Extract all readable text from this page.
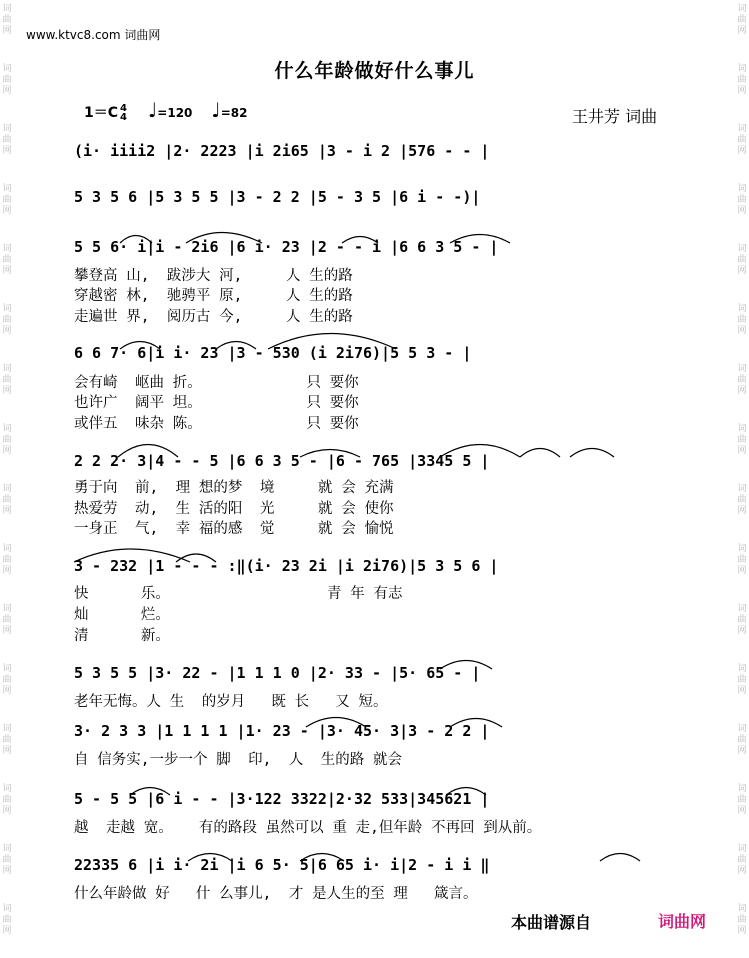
词
曲
网
词
曲
网
词
曲
网
词
曲
网
词
曲
网
词
曲
网
词
曲
网
词
曲
网
词
曲
网
词
曲
网
词
曲
网
词
曲
网
词
曲
网
词
曲
网
词
曲
网
词
曲
网
词
曲
网
词
曲
网
词
曲
网
词
曲
网
词
曲
网
词
曲
网
词
曲
网
词
曲
网
词
曲
网
词
曲
网
词
曲
网
词
曲
网
词
曲
网
词
曲
网
词
曲
网
词
曲
网
www.ktvc8.com 词曲网
什么年龄做好什么事儿
1＝C 4
4 ♩=120 ♩=82	王井芳 词曲
(i· iiii2 |2· 2223 |i 2i65 |3 - i 2 |576 - - |
5 3 5 6 |5 3 5 5 |3 - 2 2 |5 - 3 5 |6 i - -)|
5 5 6· i|i - 2i6 |6 i· 23 |2 - - i |6 6 3 5 - |
攀登高 山,  跋涉大 河,     人 生的路
穿越密 林,  驰骋平 原,     人 生的路
走遍世 界,  阅历古 今,     人 生的路
6 6 7· 6|i i· 23 |3 - 530 (i 2i76)|5 5 3 - |
会有崎  岖曲 折。            只 要你
也许广  阔平 坦。            只 要你
或伴五  味杂 陈。            只 要你
2 2 2· 3|4 - - 5 |6 6 3 5 - |6 - 765 |3345 5 |
勇于向  前,  理 想的梦  境     就 会 充满
热爱劳  动,  生 活的阳  光     就 会 使你
一身正  气,  幸 福的感  觉     就 会 愉悦
3 - 232 |1 - - - :‖(i· 23 2i |i 2i76)|5 3 5 6 |
快      乐。                  青 年 有志
灿      烂。
清      新。
5 3 5 5 |3· 22 - |1 1 1 0 |2· 33 - |5· 65 - |
老年无悔。人 生  的岁月   既 长   又 短。
3· 2 3 3 |1 1 1 1 |1· 23 - |3· 45· 3|3 - 2 2 |
自 信务实,一步一个 脚  印,  人  生的路 就会
5 - 5 5 |6 i - - |3·122 3322|2·32 533|345621 |
越  走越 宽。   有的路段 虽然可以 重 走,但年龄 不再回 到从前。
22335 6 |i i· 2i |i 6 5· 5|6 65 i· i|2 - i i ‖
什么年龄做 好   什 么事儿,  才 是人生的至 理   箴言。
本曲谱源自	词曲网
